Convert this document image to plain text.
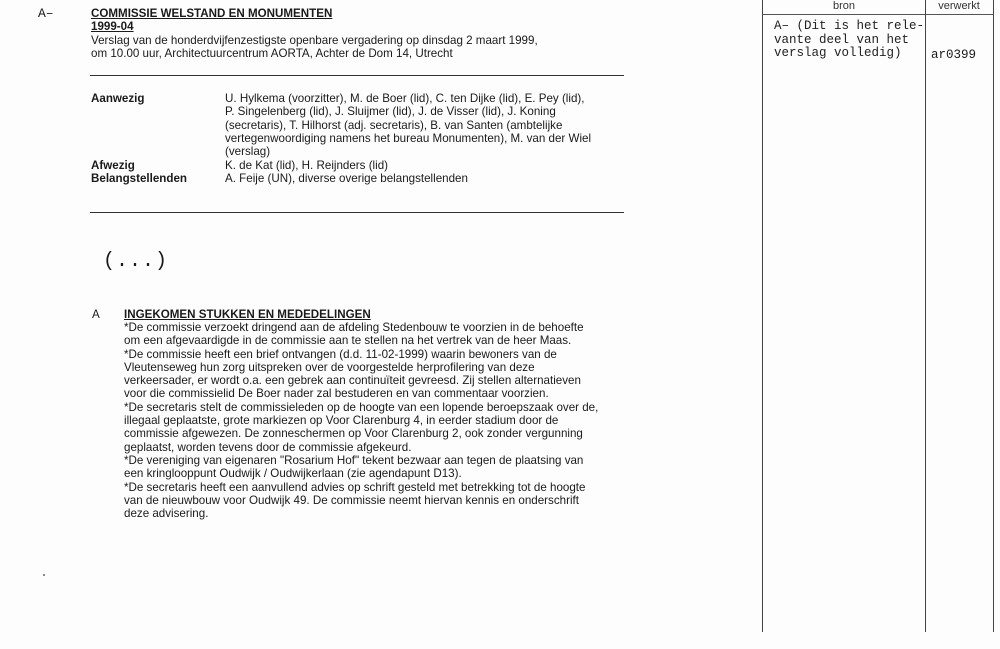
A–	COMMISSIE WELSTAND EN MONUMENTEN
1999-04
Verslag van de honderdvijfenzestigste openbare vergadering op dinsdag 2 maart 1999,
om 10.00 uur, Architectuurcentrum AORTA, Achter de Dom 14, Utrecht
Aanwezig	U. Hylkema (voorzitter), M. de Boer (lid), C. ten Dijke (lid), E. Pey (lid),
P. Singelenberg (lid), J. Sluijmer (lid), J. de Visser (lid), J. Koning
(secretaris), T. Hilhorst (adj. secretaris), B. van Santen (ambtelijke
vertegenwoordiging namens het bureau Monumenten), M. van der Wiel
(verslag)
Afwezig	K. de Kat (lid), H. Reijnders (lid)
Belangstellenden	A. Feije (UN), diverse overige belangstellenden
(...)
A INGEKOMEN STUKKEN EN MEDEDELINGEN
*De commissie verzoekt dringend aan de afdeling Stedenbouw te voorzien in de behoefte
om een afgevaardigde in de commissie aan te stellen na het vertrek van de heer Maas.
*De commissie heeft een brief ontvangen (d.d. 11-02-1999) waarin bewoners van de
Vleutenseweg hun zorg uitspreken over de voorgestelde herprofilering van deze
verkeersader, er wordt o.a. een gebrek aan continuïteit gevreesd. Zij stellen alternatieven
voor die commissielid De Boer nader zal bestuderen en van commentaar voorzien.
*De secretaris stelt de commissieleden op de hoogte van een lopende beroepszaak over de,
illegaal geplaatste, grote markiezen op Voor Clarenburg 4, in eerder stadium door de
commissie afgewezen. De zonneschermen op Voor Clarenburg 2, ook zonder vergunning
geplaatst, worden tevens door de commissie afgekeurd.
*De vereniging van eigenaren "Rosarium Hof" tekent bezwaar aan tegen de plaatsing van
een kringlooppunt Oudwijk / Oudwijkerlaan (zie agendapunt D13).
*De secretaris heeft een aanvullend advies op schrift gesteld met betrekking tot de hoogte
van de nieuwbouw voor Oudwijk 49. De commissie neemt hiervan kennis en onderschrift
deze advisering.
bron	verwerkt
A– (Dit is het rele-
vante deel van het
verslag volledig)	ar0399
